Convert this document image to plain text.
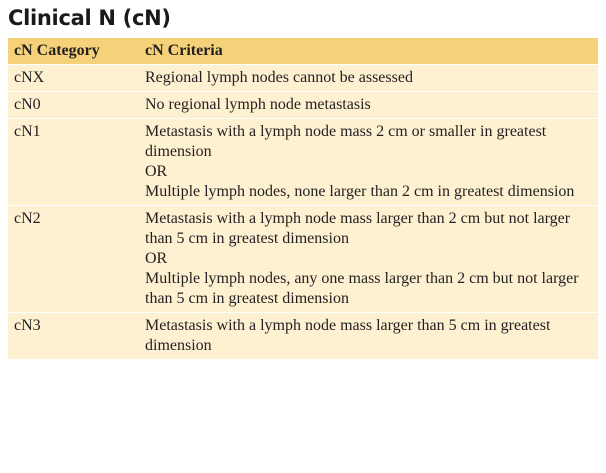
Clinical N (cN)
cN Category	cN Criteria
cNX	Regional lymph nodes cannot be assessed

cN0	No regional lymph node metastasis

cN1	Metastasis with a lymph node mass 2 cm or smaller in greatest dimension
OR
Multiple lymph nodes, none larger than 2 cm in greatest dimension

cN2	Metastasis with a lymph node mass larger than 2 cm but not larger than 5 cm in greatest dimension
OR
Multiple lymph nodes, any one mass larger than 2 cm but not larger than 5 cm in greatest dimension

cN3	Metastasis with a lymph node mass larger than 5 cm in greatest dimension
